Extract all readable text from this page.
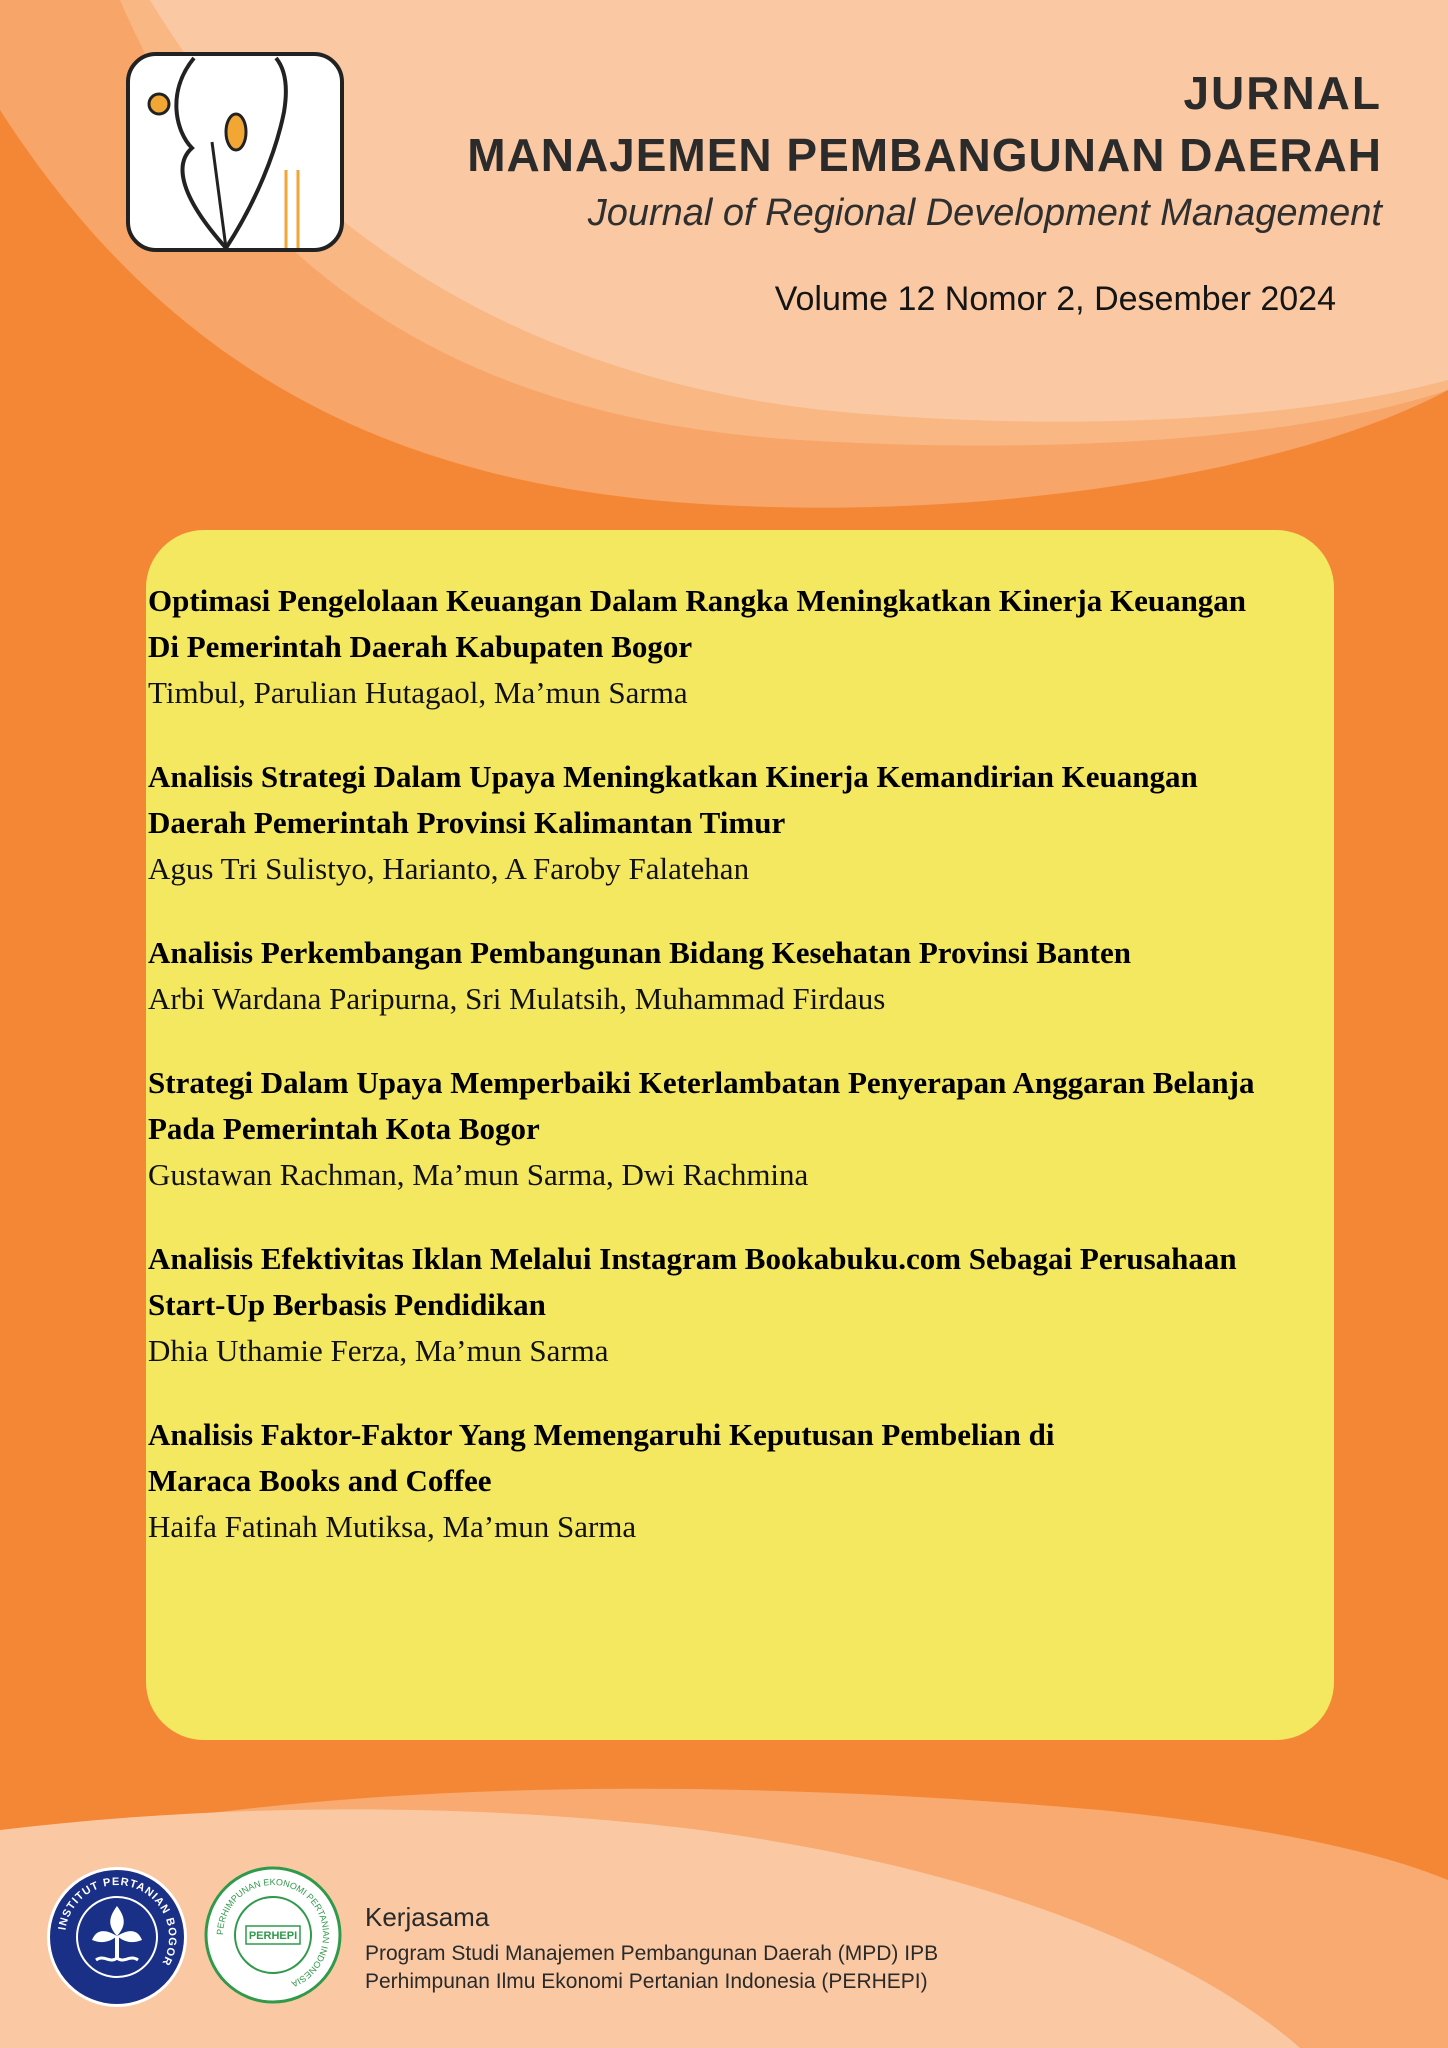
JURNAL
MANAJEMEN PEMBANGUNAN DAERAH
Journal of Regional Development Management
Volume 12 Nomor 2, Desember 2024
Optimasi Pengelolaan Keuangan Dalam Rangka Meningkatkan Kinerja Keuangan
Di Pemerintah Daerah Kabupaten Bogor
Timbul, Parulian Hutagaol, Ma’mun Sarma
Analisis Strategi Dalam Upaya Meningkatkan Kinerja Kemandirian Keuangan
Daerah Pemerintah Provinsi Kalimantan Timur
Agus Tri Sulistyo, Harianto, A Faroby Falatehan
Analisis Perkembangan Pembangunan Bidang Kesehatan Provinsi Banten
Arbi Wardana Paripurna, Sri Mulatsih, Muhammad Firdaus
Strategi Dalam Upaya Memperbaiki Keterlambatan Penyerapan Anggaran Belanja
Pada Pemerintah Kota Bogor
Gustawan Rachman, Ma’mun Sarma, Dwi Rachmina
Analisis Efektivitas Iklan Melalui Instagram Bookabuku.com Sebagai Perusahaan
Start-Up Berbasis Pendidikan
Dhia Uthamie Ferza, Ma’mun Sarma
Analisis Faktor-Faktor Yang Memengaruhi Keputusan Pembelian di
Maraca Books and Coffee
Haifa Fatinah Mutiksa, Ma’mun Sarma
INSTITUT PERTANIAN BOGOR
PERHIMPUNAN EKONOMI PERTANIAN INDONESIA
PERHEPI
Kerjasama
Program Studi Manajemen Pembangunan Daerah (MPD) IPB
Perhimpunan Ilmu Ekonomi Pertanian Indonesia (PERHEPI)
